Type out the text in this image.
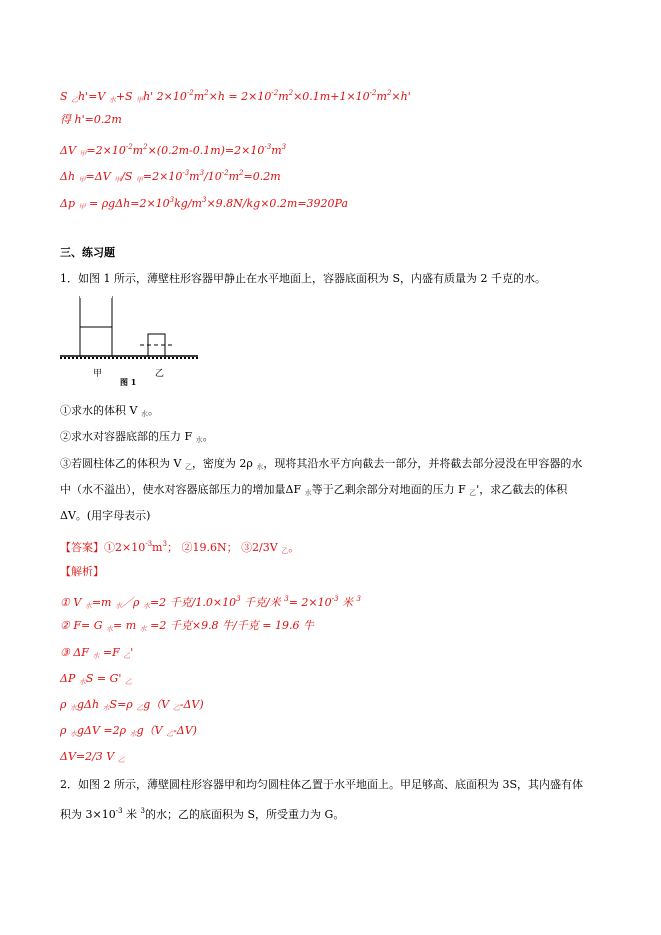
S $_乙$h'=V $_水$+S $_甲$h' $2\times 10^{-2}m^2\times h = 2\times 10^{-2}m^2\times 0.1m+1\times 10^{-2}m^2\times h'$
得 h'=0.2m
ΔV $_甲=2\times 10^{-2}m^2\times(0.2m-0.1m)=2\times 10^{-3}m^3$
Δh $_甲$=ΔV $_甲$/S $_甲=2\times 10^{-3}m^3/10^{-2}m^2=0.2m$
Δp $_甲 = \rho g\Delta h=2\times 10^3kg/m^3\times 9.8N/kg\times 0.2m=3920Pa$
三、练习题
1．如图 1 所示，薄壁柱形容器甲静止在水平地面上，容器底面积为 S，内盛有质量为 2 千克的水。
①求水的体积 V $_水$。
②求水对容器底部的压力 F $_水$。
③若圆柱体乙的体积为 V $_乙$，密度为 2ρ $_水$，现将其沿水平方向截去一部分，并将截去部分浸没在甲容器的水
中（水不溢出），使水对容器底部压力的增加量ΔF $_水$等于乙剩余部分对地面的压力 F $_乙$'，求乙截去的体积
ΔV。(用字母表示)
【答案】$①2\times 10^{-3}m^3$； ②19.6N； ③2/3V $_乙$。
【解析】
① V $_水$=m $_水$／ρ $_水$=2 千克$/1.0\times 10^3$ 千克/米 $^3= 2\times 10^{-3}$ 米 $^3$
② F= G $_水$= m $_水$ =2 千克×9.8 牛/千克 = 19.6 牛
③ ΔF $_水$ =F $_乙$'
ΔP $_水$S = G' $_乙$
ρ $_水$gΔh $_水$S=ρ $_乙$g（V $_乙$-ΔV)
ρ $_水$gΔV =2ρ $_水$g（V $_乙$-ΔV)
ΔV=2/3 V $_乙$
2．如图 2 所示，薄壁圆柱形容器甲和均匀圆柱体乙置于水平地面上。甲足够高、底面积为 3S，其内盛有体
积为 $3\times 10^{-3}$ 米 $^3$的水；乙的底面积为 S，所受重力为 G。
甲	乙
图 1
